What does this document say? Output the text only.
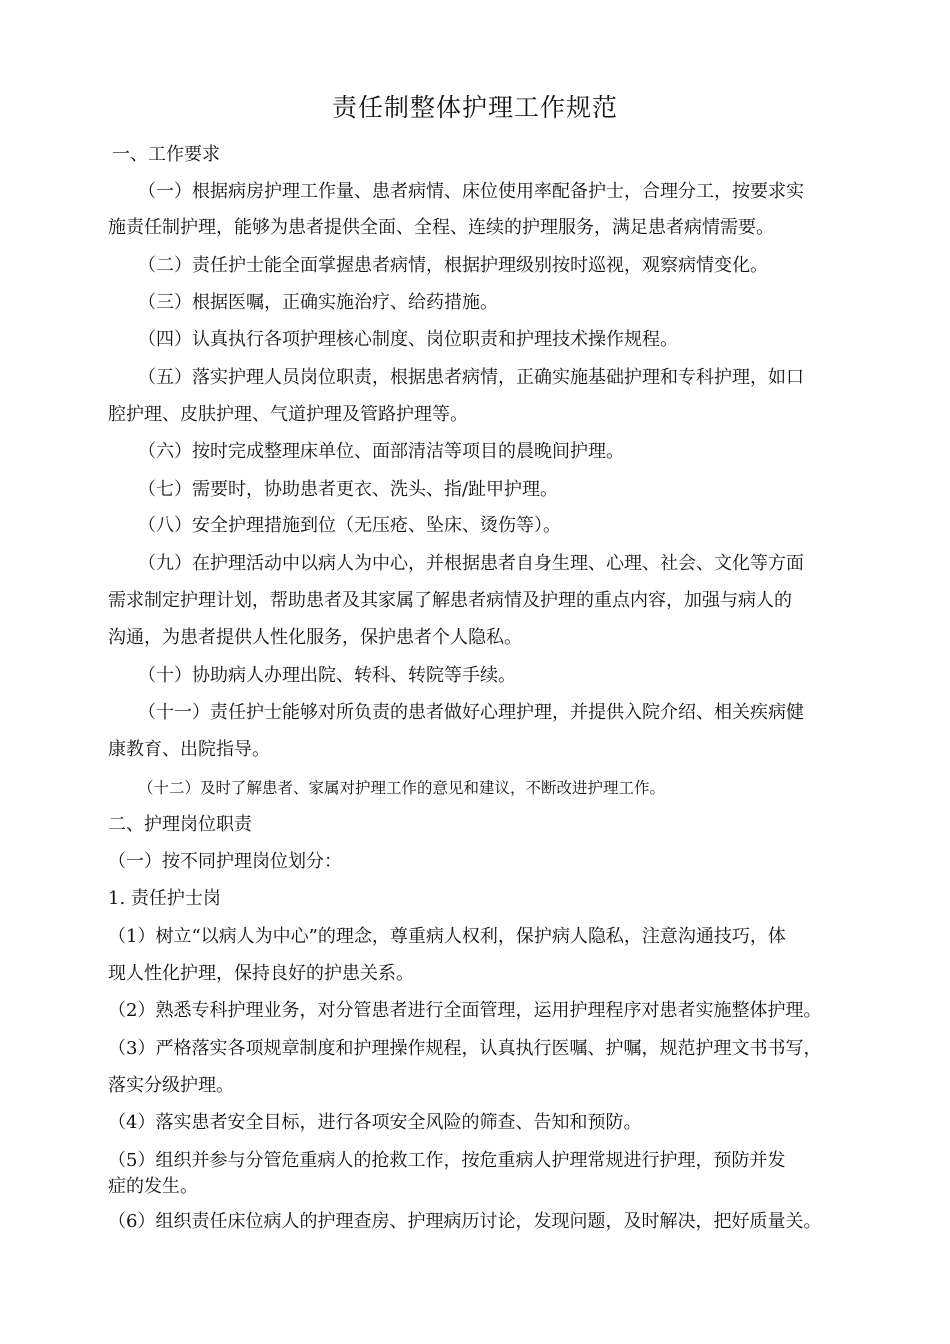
责任制整体护理工作规范
一、工作要求
（一）根据病房护理工作量、患者病情、床位使用率配备护士，合理分工，按要求实
施责任制护理，能够为患者提供全面、全程、连续的护理服务，满足患者病情需要。
（二）责任护士能全面掌握患者病情，根据护理级别按时巡视，观察病情变化。
（三）根据医嘱，正确实施治疗、给药措施。
（四）认真执行各项护理核心制度、岗位职责和护理技术操作规程。
（五）落实护理人员岗位职责，根据患者病情，正确实施基础护理和专科护理，如口
腔护理、皮肤护理、气道护理及管路护理等。
（六）按时完成整理床单位、面部清洁等项目的晨晚间护理。
（七）需要时，协助患者更衣、洗头、指/趾甲护理。
（八）安全护理措施到位（无压疮、坠床、烫伤等）。
（九）在护理活动中以病人为中心，并根据患者自身生理、心理、社会、文化等方面
需求制定护理计划，帮助患者及其家属了解患者病情及护理的重点内容，加强与病人的
沟通，为患者提供人性化服务，保护患者个人隐私。
（十）协助病人办理出院、转科、转院等手续。
（十一）责任护士能够对所负责的患者做好心理护理，并提供入院介绍、相关疾病健
康教育、出院指导。
（十二）及时了解患者、家属对护理工作的意见和建议，不断改进护理工作。
二、护理岗位职责
（一）按不同护理岗位划分：
1. 责任护士岗
（1）树立“以病人为中心”的理念，尊重病人权利，保护病人隐私，注意沟通技巧，体
现人性化护理，保持良好的护患关系。
（2）熟悉专科护理业务，对分管患者进行全面管理，运用护理程序对患者实施整体护理。
（3）严格落实各项规章制度和护理操作规程，认真执行医嘱、护嘱，规范护理文书书写，
落实分级护理。
（4）落实患者安全目标，进行各项安全风险的筛查、告知和预防。
（5）组织并参与分管危重病人的抢救工作，按危重病人护理常规进行护理，预防并发
症的发生。
（6）组织责任床位病人的护理查房、护理病历讨论，发现问题，及时解决，把好质量关。
